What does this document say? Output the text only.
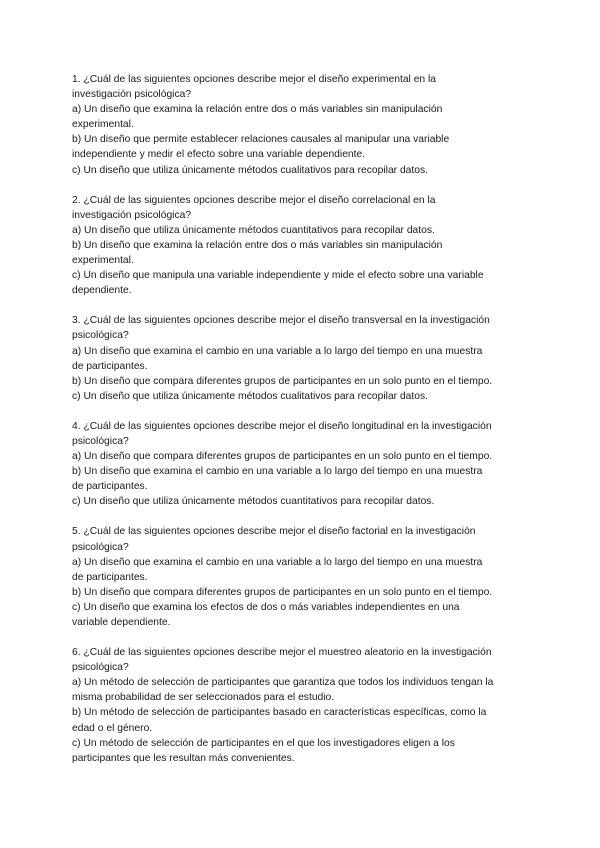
1. ¿Cuál de las siguientes opciones describe mejor el diseño experimental en la
investigación psicológica?
a) Un diseño que examina la relación entre dos o más variables sin manipulación
experimental.
b) Un diseño que permite establecer relaciones causales al manipular una variable
independiente y medir el efecto sobre una variable dependiente.
c) Un diseño que utiliza únicamente métodos cualitativos para recopilar datos.
2. ¿Cuál de las siguientes opciones describe mejor el diseño correlacional en la
investigación psicológica?
a) Un diseño que utiliza únicamente métodos cuantitativos para recopilar datos.
b) Un diseño que examina la relación entre dos o más variables sin manipulación
experimental.
c) Un diseño que manipula una variable independiente y mide el efecto sobre una variable
dependiente.
3. ¿Cuál de las siguientes opciones describe mejor el diseño transversal en la investigación
psicológica?
a) Un diseño que examina el cambio en una variable a lo largo del tiempo en una muestra
de participantes.
b) Un diseño que compara diferentes grupos de participantes en un solo punto en el tiempo.
c) Un diseño que utiliza únicamente métodos cualitativos para recopilar datos.
4. ¿Cuál de las siguientes opciones describe mejor el diseño longitudinal en la investigación
psicológica?
a) Un diseño que compara diferentes grupos de participantes en un solo punto en el tiempo.
b) Un diseño que examina el cambio en una variable a lo largo del tiempo en una muestra
de participantes.
c) Un diseño que utiliza únicamente métodos cuantitativos para recopilar datos.
5. ¿Cuál de las siguientes opciones describe mejor el diseño factorial en la investigación
psicológica?
a) Un diseño que examina el cambio en una variable a lo largo del tiempo en una muestra
de participantes.
b) Un diseño que compara diferentes grupos de participantes en un solo punto en el tiempo.
c) Un diseño que examina los efectos de dos o más variables independientes en una
variable dependiente.
6. ¿Cuál de las siguientes opciones describe mejor el muestreo aleatorio en la investigación
psicológica?
a) Un método de selección de participantes que garantiza que todos los individuos tengan la
misma probabilidad de ser seleccionados para el estudio.
b) Un método de selección de participantes basado en características específicas, como la
edad o el género.
c) Un método de selección de participantes en el que los investigadores eligen a los
participantes que les resultan más convenientes.
